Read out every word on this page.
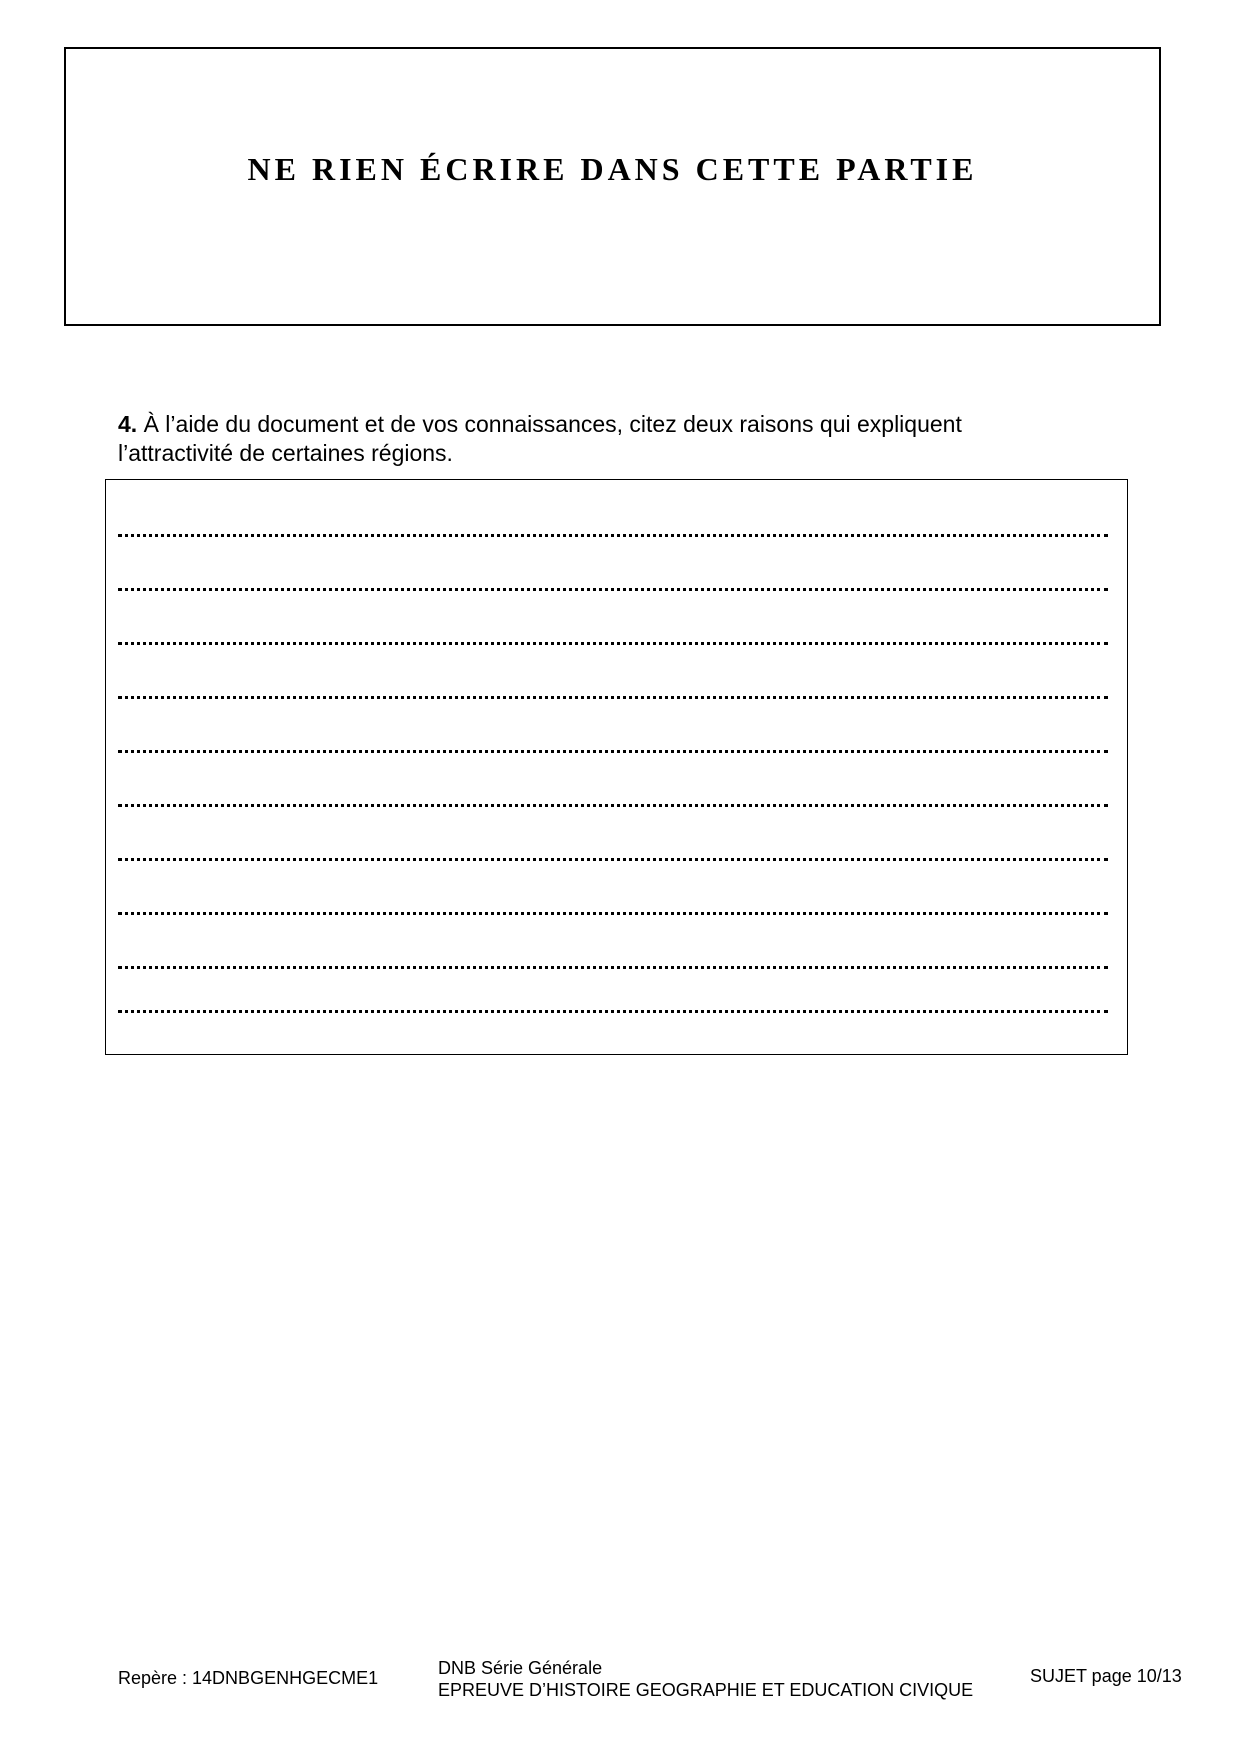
NE RIEN ÉCRIRE DANS CETTE PARTIE
4. À l’aide du document et de vos connaissances, citez deux raisons qui expliquent
l’attractivité de certaines régions.
Repère : 14DNBGENHGECME1	DNB Série Générale
EPREUVE D’HISTOIRE GEOGRAPHIE ET EDUCATION CIVIQUE
SUJET page 10/13
